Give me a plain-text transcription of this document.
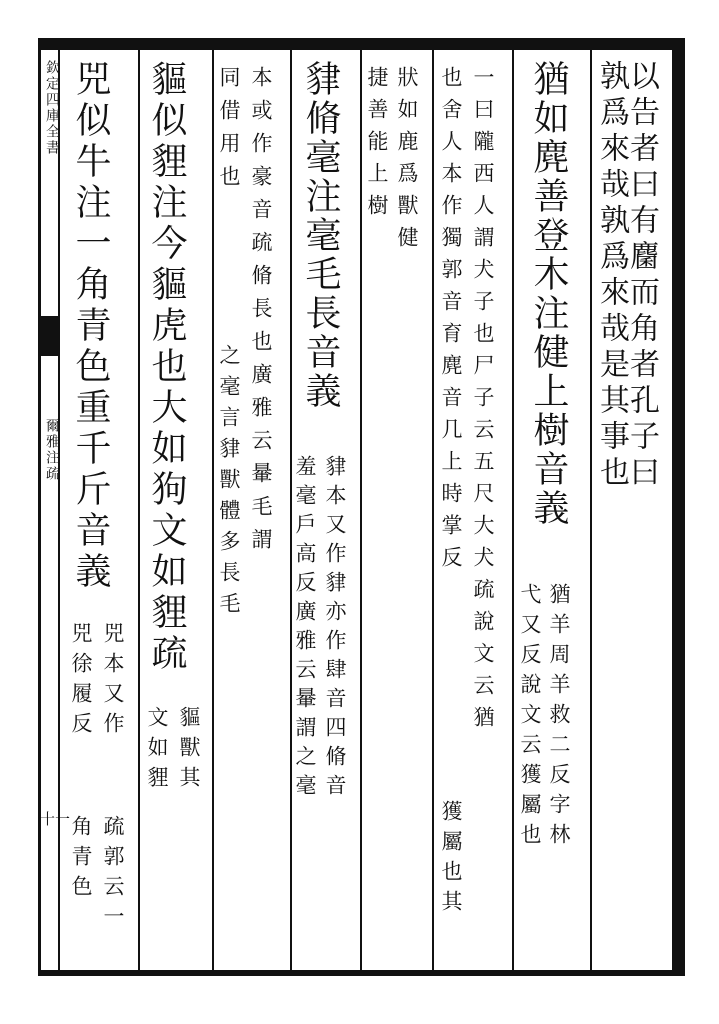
欽定四庫全書
爾雅注疏
十一
以告者曰有麕而角者孔子曰
孰爲來哉孰爲來哉是其事也
猶如麂善登木注健上樹音義
猶羊周羊救二反字林
弋又反說文云獲屬也
一曰隴西人謂犬子也尸子云五尺大犬疏說文云猶
也舍人本作獨郭音育麂音几上時掌反
獲屬也其
狀如鹿爲獸健
捷善能上樹
貄脩毫注毫毛長音義
貄本又作貄亦作肆音四脩音
羞毫戶高反廣雅云䡞謂之毫
本或作豪音疏脩長也廣雅云䡞毛謂
同借用也
之毫言貄獸體多長毛
貙似貍注今貙虎也大如狗文如貍疏
貙獸其
文如貍
兕似牛注一角青色重千斤音義
兕本又作
兕徐履反
疏郭云一
角青色
